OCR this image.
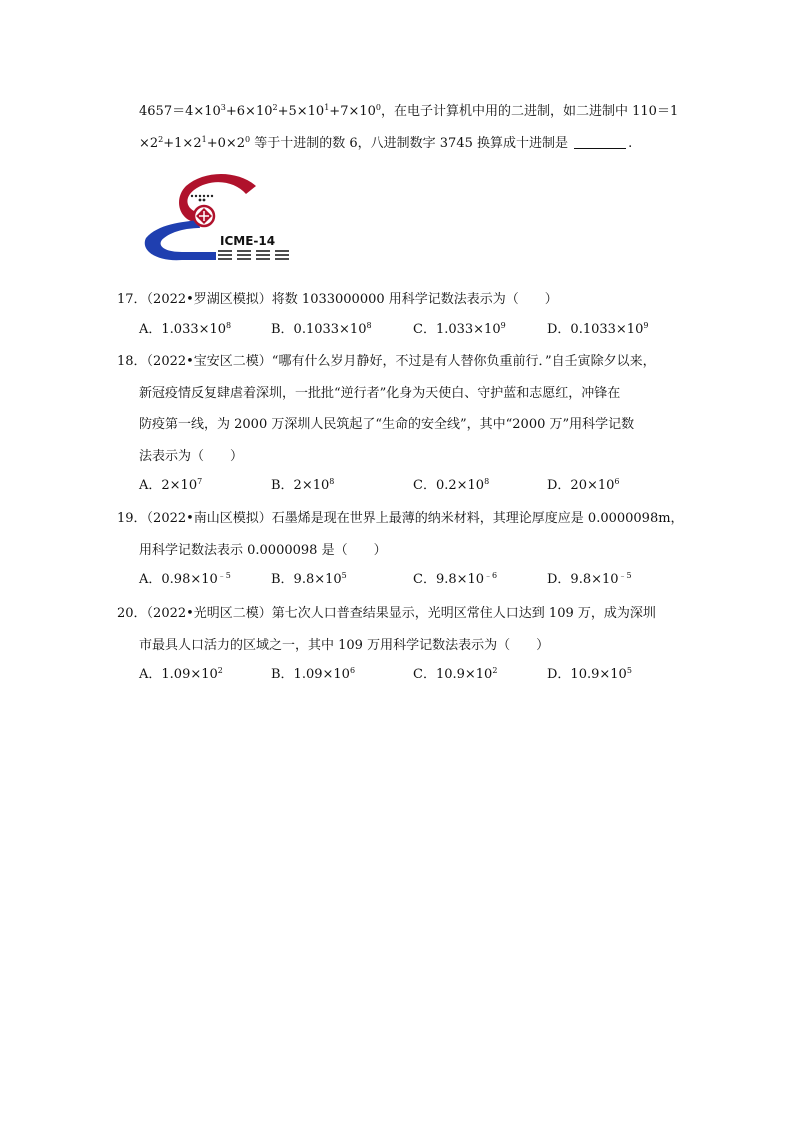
$4657=4\times 10^3+6\times 10^2+5\times 10^1+7\times 10^0$，在电子计算机中用的二进制，如二进制中 110＝1
$\times 2^2+1\times 2^1+0\times 2^0$ 等于十进制的数 6，八进制数字 3745 换算成十进制是	.
ICME-14
17．（2022•罗湖区模拟）将数 1033000000 用科学记数法表示为（　　）
A．$1.033\times 10^8$	B．$0.1033\times 10^8$	C．$1.033\times 10^9$	D．$0.1033\times 10^9$
18．（2022•宝安区二模）“哪有什么岁月静好，不过是有人替你负重前行．”自壬寅除夕以来，
新冠疫情反复肆虐着深圳，一批批“逆行者”化身为天使白、守护蓝和志愿红，冲锋在
防疫第一线，为 2000 万深圳人民筑起了“生命的安全线”，其中“2000 万”用科学记数
法表示为（　　）
A．$2\times 10^7$	B．$2\times 10^8$	C．$0.2\times 10^8$	D．$20\times 10^6$
19．（2022•南山区模拟）石墨烯是现在世界上最薄的纳米材料，其理论厚度应是 0.0000098m，
用科学记数法表示 0.0000098 是（　　）
A．$0.98\times 10^{﹣5}$	B．$9.8\times 10^5$	C．$9.8\times 10^{﹣6}$	D．$9.8\times 10^{﹣5}$
20．（2022•光明区二模）第七次人口普查结果显示，光明区常住人口达到 109 万，成为深圳
市最具人口活力的区域之一，其中 109 万用科学记数法表示为（　　）
A．$1.09\times 10^2$	B．$1.09\times 10^6$	C．$10.9\times 10^2$	D．$10.9\times 10^5$
